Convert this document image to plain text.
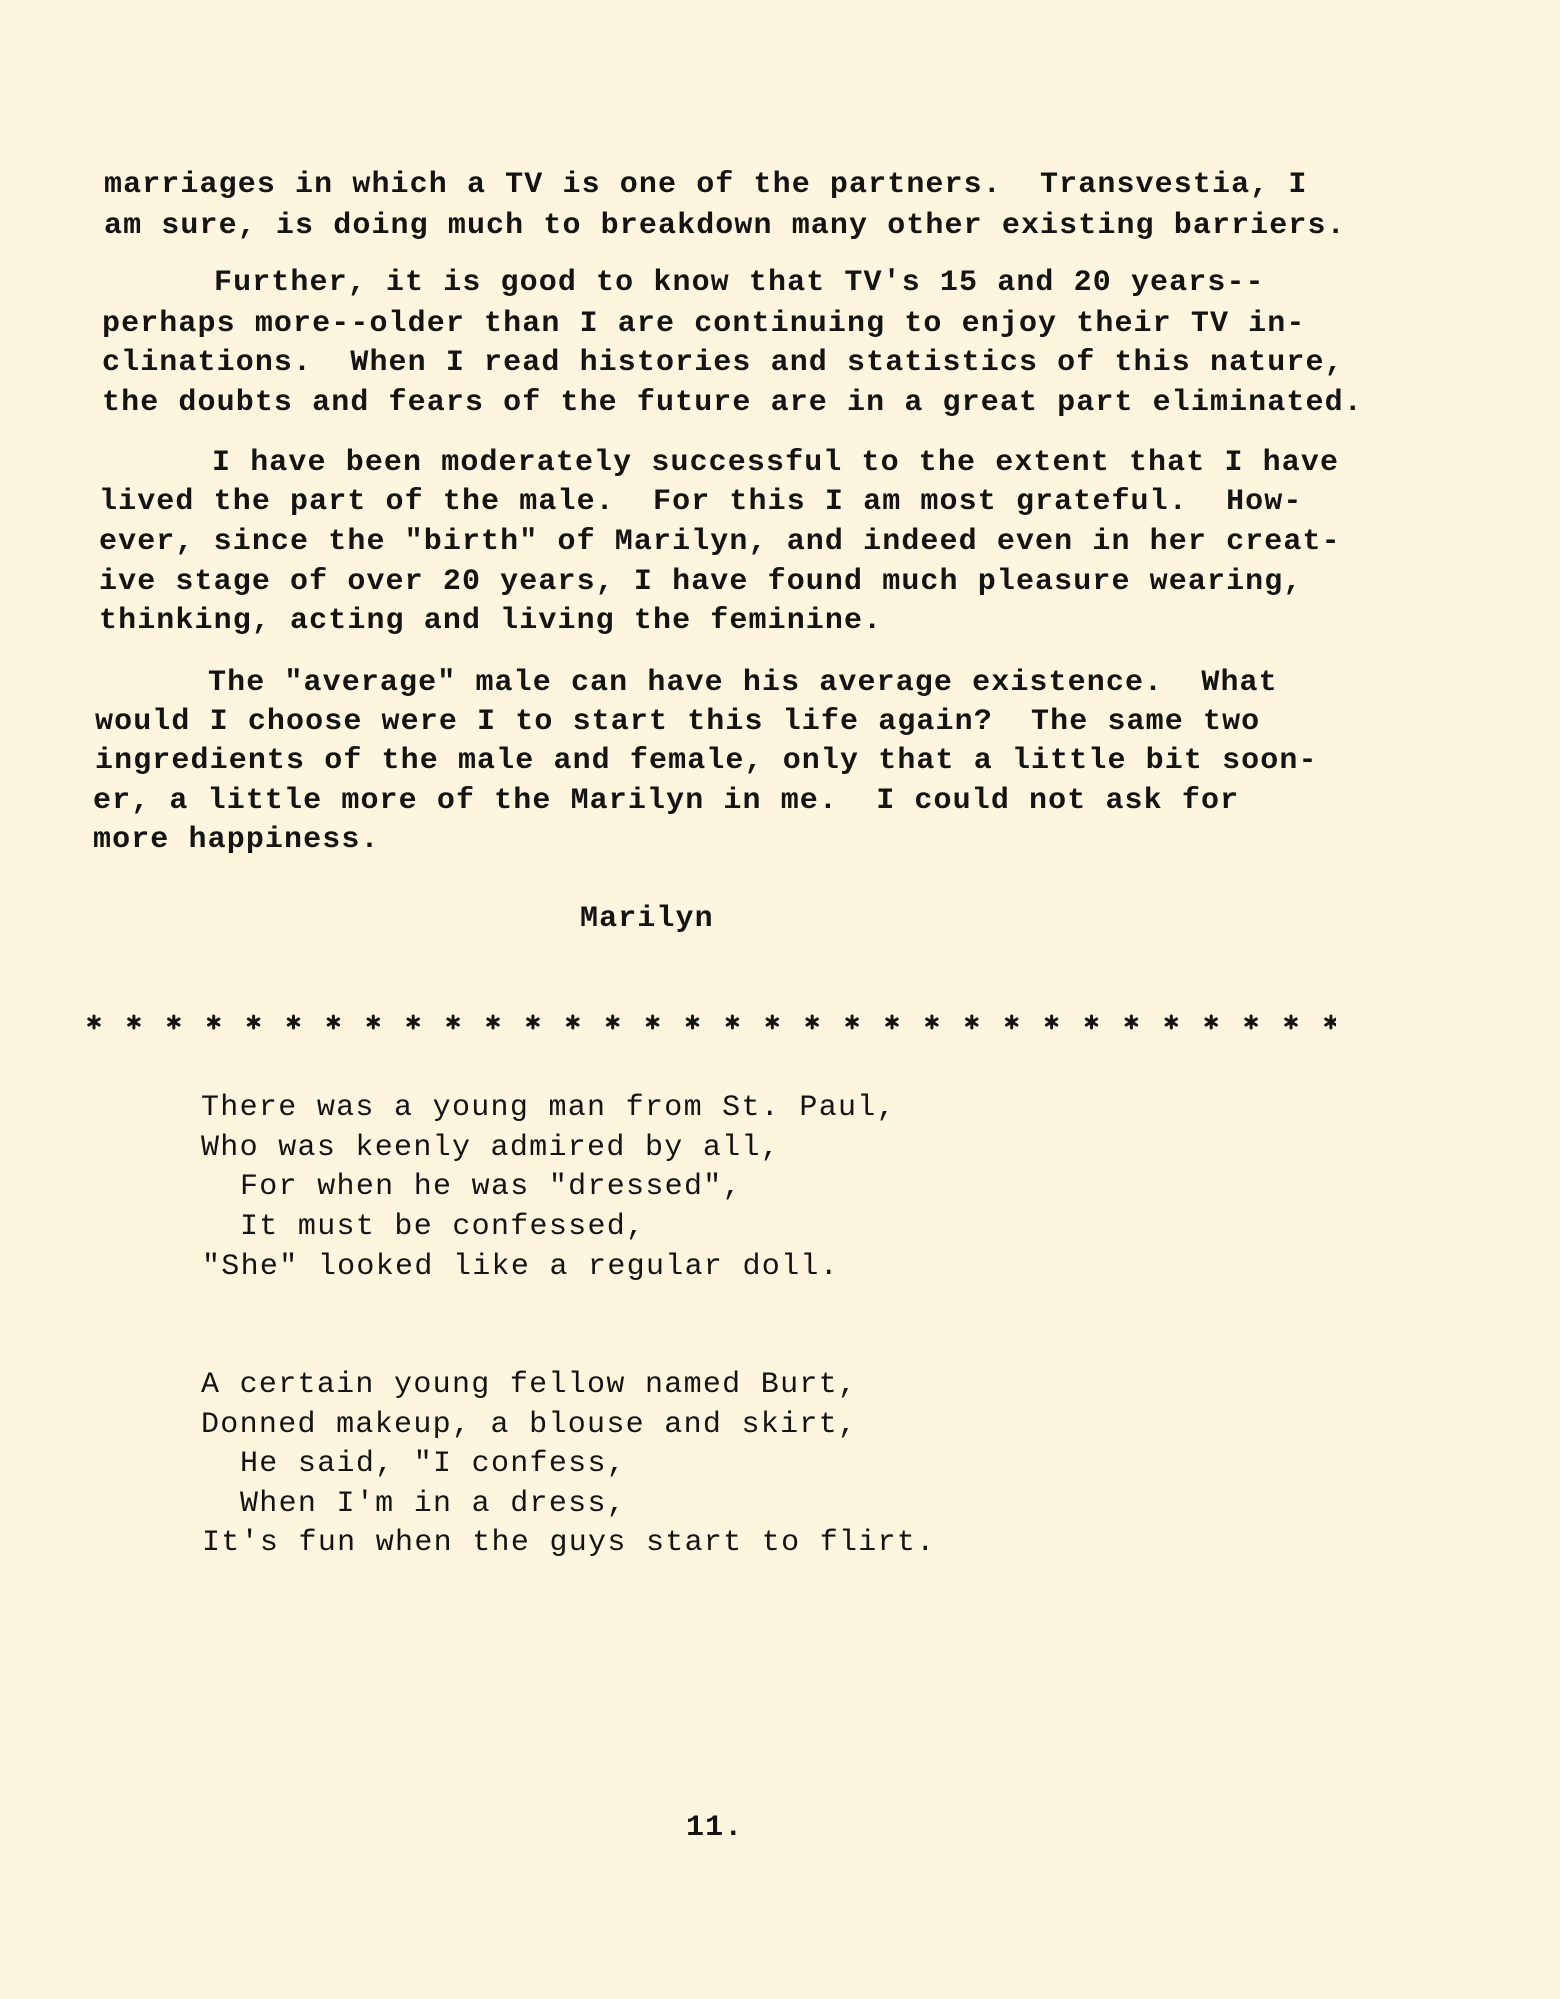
marriages in which a TV is one of the partners.  Transvestia, I
am sure, is doing much to breakdown many other existing barriers.
Further, it is good to know that TV's 15 and 20 years--
perhaps more--older than I are continuing to enjoy their TV in-
clinations.  When I read histories and statistics of this nature,
the doubts and fears of the future are in a great part eliminated.
I have been moderately successful to the extent that I have
lived the part of the male.  For this I am most grateful.  How-
ever, since the "birth" of Marilyn, and indeed even in her creat-
ive stage of over 20 years, I have found much pleasure wearing,
thinking, acting and living the feminine.
The "average" male can have his average existence.  What
would I choose were I to start this life again?  The same two
ingredients of the male and female, only that a little bit soon-
er, a little more of the Marilyn in me.  I could not ask for
more happiness.
Marilyn
There was a young man from St. Paul,
Who was keenly admired by all,
For when he was "dressed",
It must be confessed,
"She" looked like a regular doll.
A certain young fellow named Burt,
Donned makeup, a blouse and skirt,
He said, "I confess,
When I'm in a dress,
It's fun when the guys start to flirt.
11.
